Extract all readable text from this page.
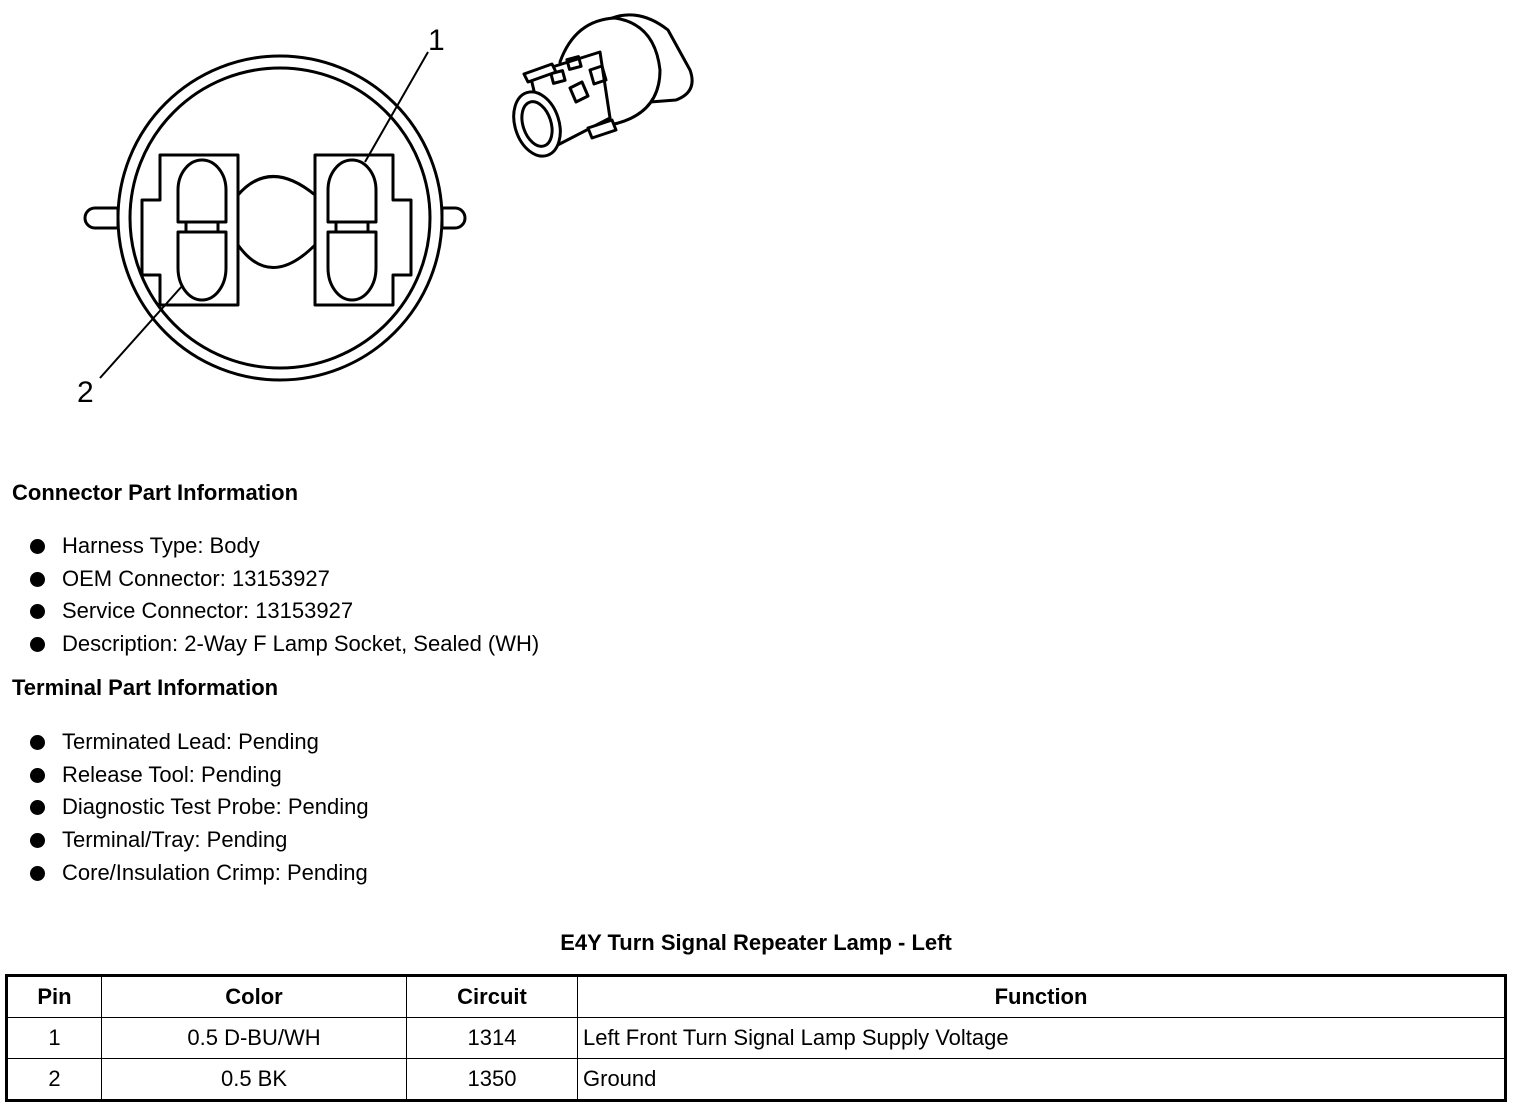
1
2
Connector Part Information
Harness Type: Body
OEM Connector: 13153927
Service Connector: 13153927
Description: 2-Way F Lamp Socket, Sealed (WH)
Terminal Part Information
Terminated Lead: Pending
Release Tool: Pending
Diagnostic Test Probe: Pending
Terminal/Tray: Pending
Core/Insulation Crimp: Pending
E4Y Turn Signal Repeater Lamp - Left
Pin	Color	Circuit	Function
1	0.5 D-BU/WH	1314	Left Front Turn Signal Lamp Supply Voltage
2	0.5 BK	1350	Ground
